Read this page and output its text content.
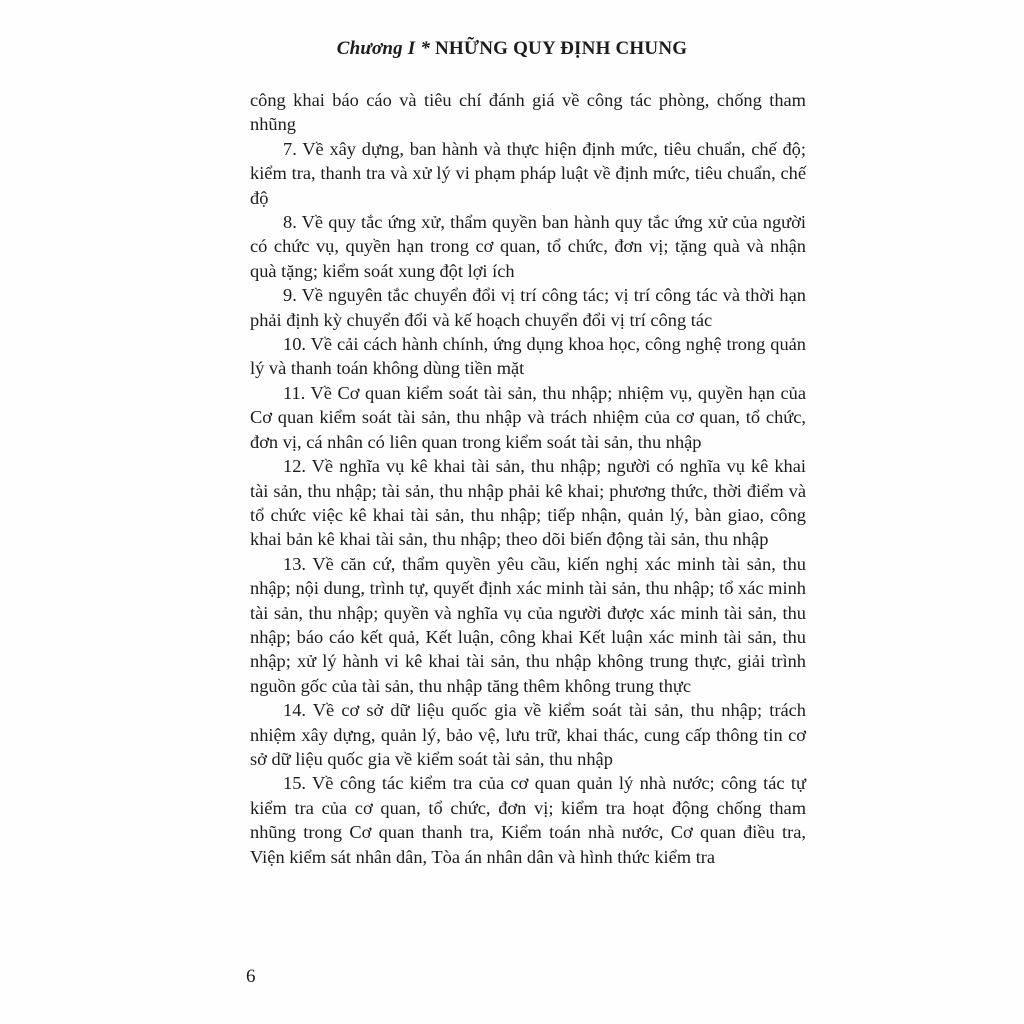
Chương I * NHỮNG QUY ĐỊNH CHUNG

công khai báo cáo và tiêu chí đánh giá về công tác phòng, chống tham nhũng

7. Về xây dựng, ban hành và thực hiện định mức, tiêu chuẩn, chế độ; kiểm tra, thanh tra và xử lý vi phạm pháp luật về định mức, tiêu chuẩn, chế độ

8. Về quy tắc ứng xử, thẩm quyền ban hành quy tắc ứng xử của người có chức vụ, quyền hạn trong cơ quan, tổ chức, đơn vị; tặng quà và nhận quà tặng; kiểm soát xung đột lợi ích

9. Về nguyên tắc chuyển đổi vị trí công tác; vị trí công tác và thời hạn phải định kỳ chuyển đổi và kế hoạch chuyển đổi vị trí công tác

10. Về cải cách hành chính, ứng dụng khoa học, công nghệ trong quản lý và thanh toán không dùng tiền mặt

11. Về Cơ quan kiểm soát tài sản, thu nhập; nhiệm vụ, quyền hạn của Cơ quan kiểm soát tài sản, thu nhập và trách nhiệm của cơ quan, tổ chức, đơn vị, cá nhân có liên quan trong kiểm soát tài sản, thu nhập

12. Về nghĩa vụ kê khai tài sản, thu nhập; người có nghĩa vụ kê khai tài sản, thu nhập; tài sản, thu nhập phải kê khai; phương thức, thời điểm và tổ chức việc kê khai tài sản, thu nhập; tiếp nhận, quản lý, bàn giao, công khai bản kê khai tài sản, thu nhập; theo dõi biến động tài sản, thu nhập

13. Về căn cứ, thẩm quyền yêu cầu, kiến nghị xác minh tài sản, thu nhập; nội dung, trình tự, quyết định xác minh tài sản, thu nhập; tổ xác minh tài sản, thu nhập; quyền và nghĩa vụ của người được xác minh tài sản, thu nhập; báo cáo kết quả, Kết luận, công khai Kết luận xác minh tài sản, thu nhập; xử lý hành vi kê khai tài sản, thu nhập không trung thực, giải trình nguồn gốc của tài sản, thu nhập tăng thêm không trung thực

14. Về cơ sở dữ liệu quốc gia về kiểm soát tài sản, thu nhập; trách nhiệm xây dựng, quản lý, bảo vệ, lưu trữ, khai thác, cung cấp thông tin cơ sở dữ liệu quốc gia về kiểm soát tài sản, thu nhập

15. Về công tác kiểm tra của cơ quan quản lý nhà nước; công tác tự kiểm tra của cơ quan, tổ chức, đơn vị; kiểm tra hoạt động chống tham nhũng trong Cơ quan thanh tra, Kiểm toán nhà nước, Cơ quan điều tra, Viện kiểm sát nhân dân, Tòa án nhân dân và hình thức kiểm tra

6
